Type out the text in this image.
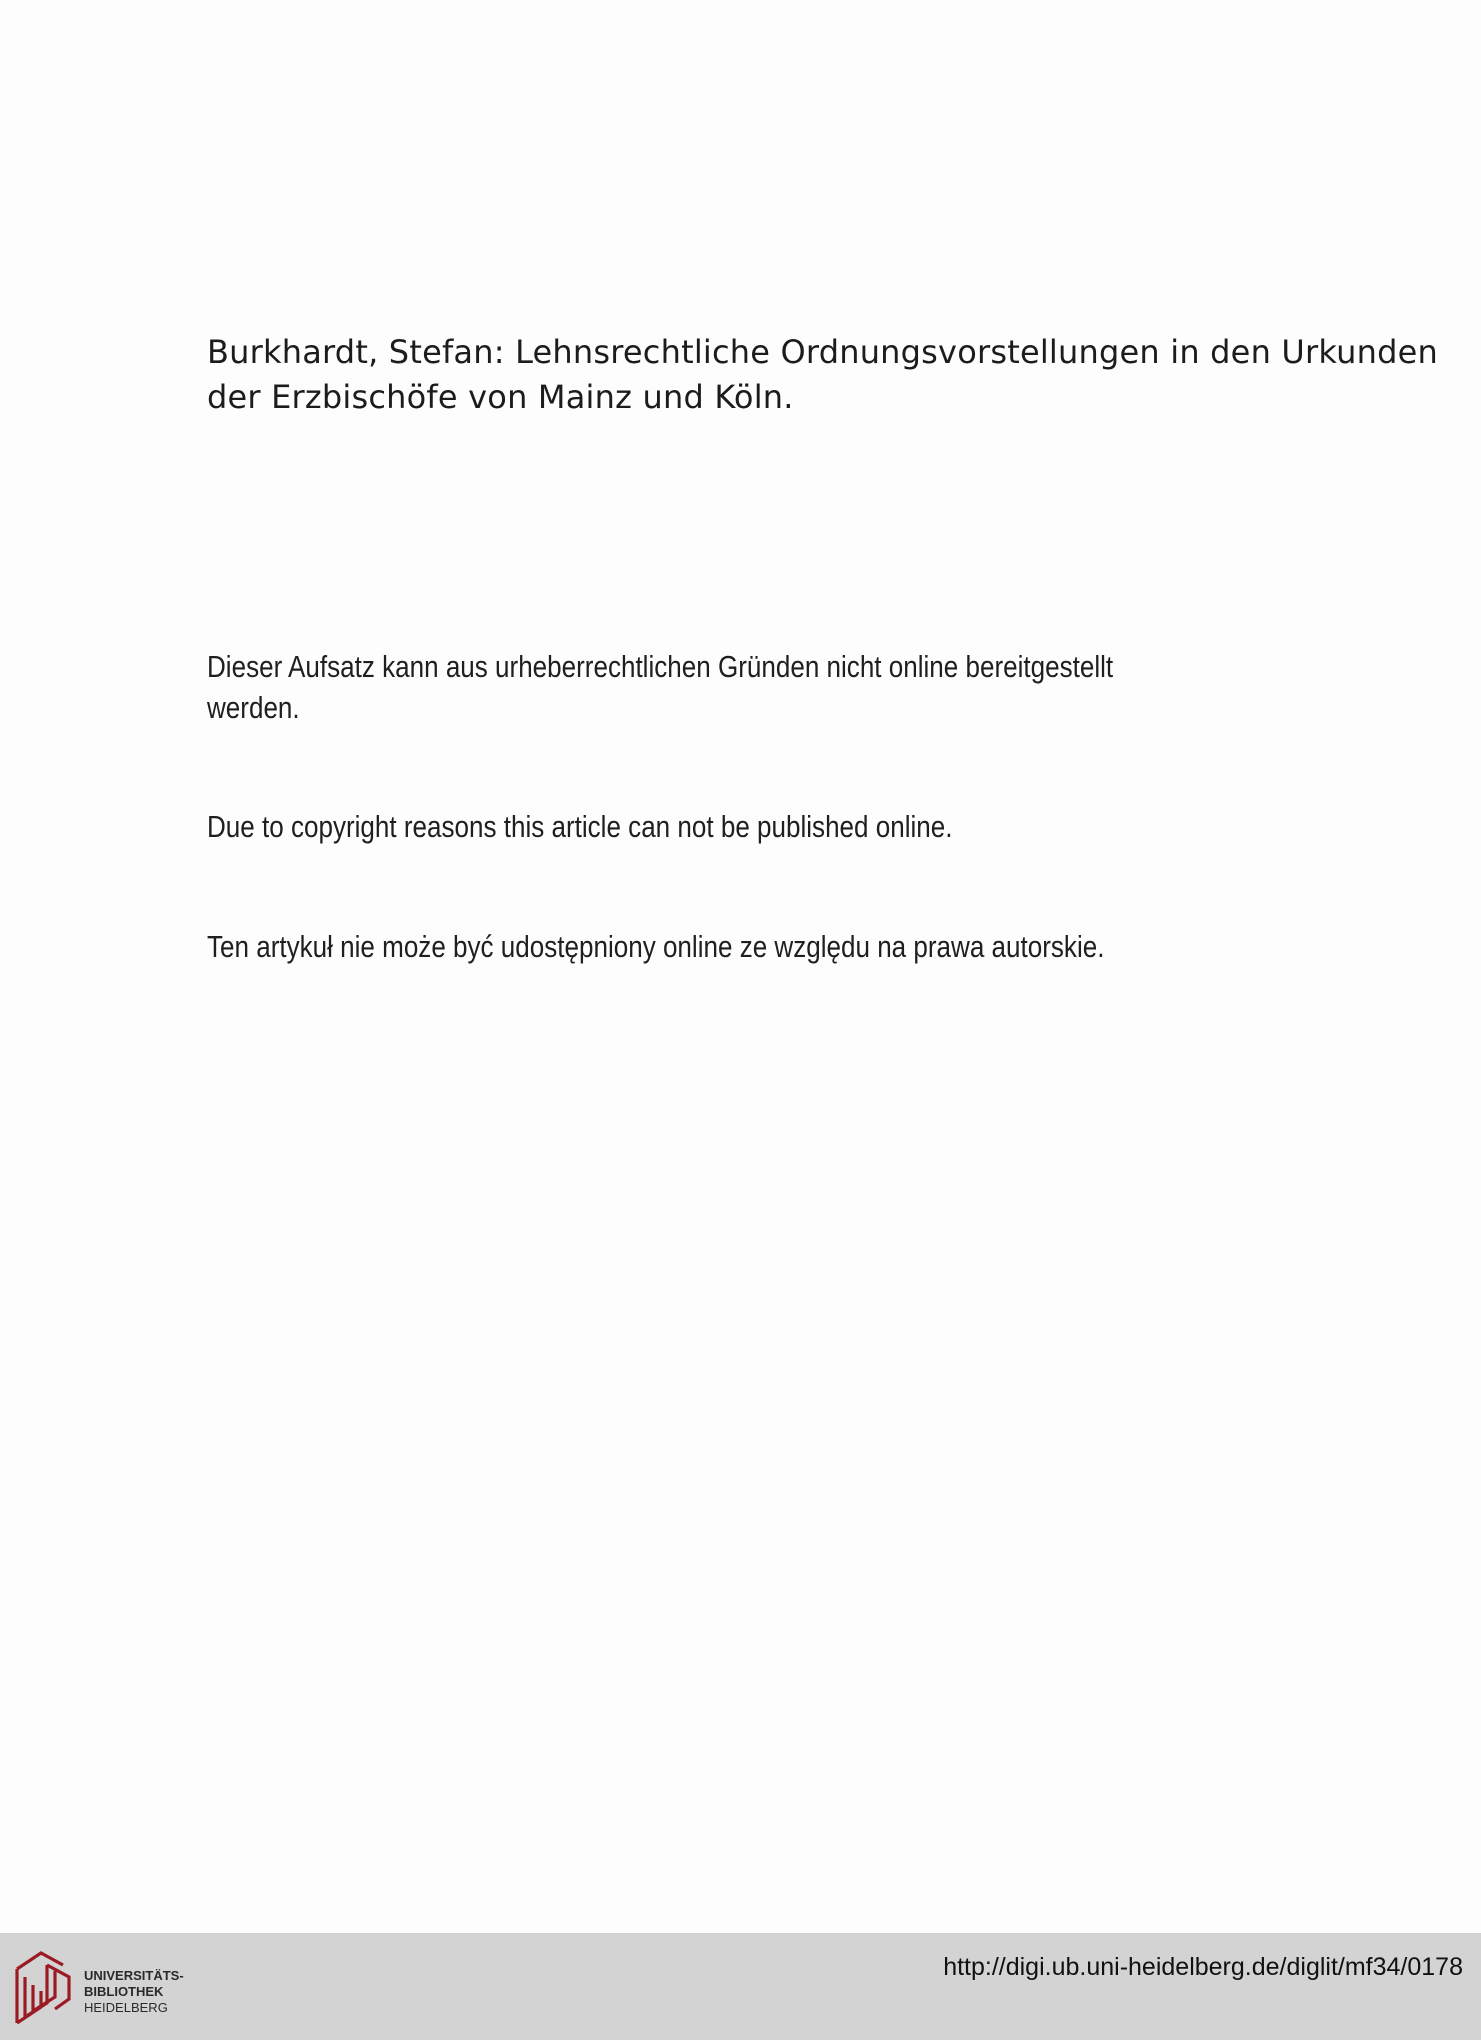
Burkhardt, Stefan: Lehnsrechtliche Ordnungsvorstellungen in den Urkunden
der Erzbischöfe von Mainz und Köln.

Dieser Aufsatz kann aus urheberrechtlichen Gründen nicht online bereitgestellt
werden.

Due to copyright reasons this article can not be published online.

Ten artykuł nie może być udostępniony online ze względu na prawa autorskie.

UNIVERSITÄTS-
BIBLIOTHEK
HEIDELBERG
http://digi.ub.uni-heidelberg.de/diglit/mf34/0178
